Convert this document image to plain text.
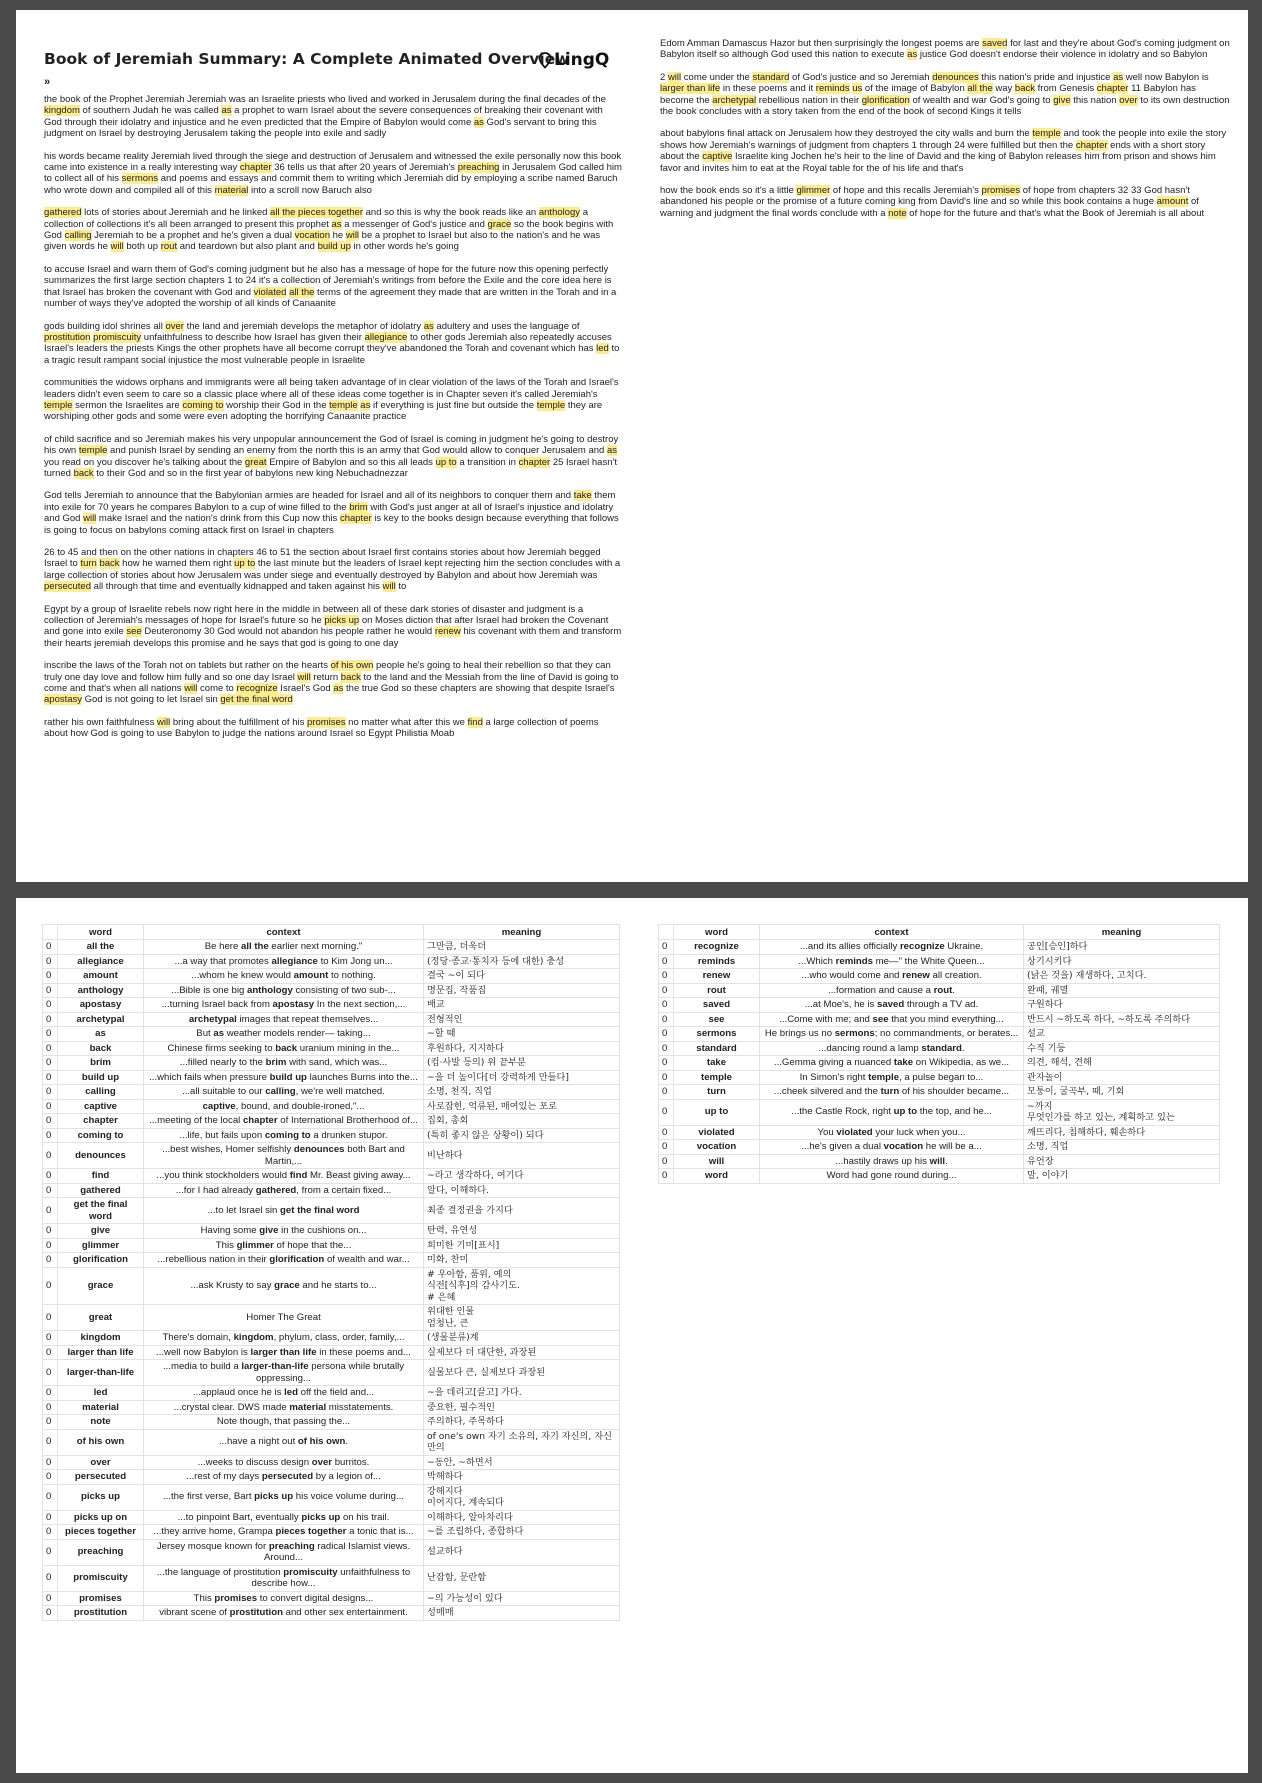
Book of Jeremiah Summary: A Complete Animated Overview
LingQ
»

the book of the Prophet Jeremiah Jeremiah was an Israelite priests who lived and worked in Jerusalem during the final decades of the kingdom of southern Judah he was called as a prophet to warn Israel about the severe consequences of breaking their covenant with God through their idolatry and injustice and he even predicted that the Empire of Babylon would come as God's servant to bring this judgment on Israel by destroying Jerusalem taking the people into exile and sadly

his words became reality Jeremiah lived through the siege and destruction of Jerusalem and witnessed the exile personally now this book came into existence in a really interesting way chapter 36 tells us that after 20 years of Jeremiah's preaching in Jerusalem God called him to collect all of his sermons and poems and essays and commit them to writing which Jeremiah did by employing a scribe named Baruch who wrote down and compiled all of this material into a scroll now Baruch also

gathered lots of stories about Jeremiah and he linked all the pieces together and so this is why the book reads like an anthology a collection of collections it's all been arranged to present this prophet as a messenger of God's justice and grace so the book begins with God calling Jeremiah to be a prophet and he's given a dual vocation he will be a prophet to Israel but also to the nation's and he was given words he will both up rout and teardown but also plant and build up in other words he's going

to accuse Israel and warn them of God's coming judgment but he also has a message of hope for the future now this opening perfectly summarizes the first large section chapters 1 to 24 it's a collection of Jeremiah's writings from before the Exile and the core idea here is that Israel has broken the covenant with God and violated all the terms of the agreement they made that are written in the Torah and in a number of ways they've adopted the worship of all kinds of Canaanite

gods building idol shrines all over the land and jeremiah develops the metaphor of idolatry as adultery and uses the language of prostitution promiscuity unfaithfulness to describe how Israel has given their allegiance to other gods Jeremiah also repeatedly accuses Israel's leaders the priests Kings the other prophets have all become corrupt they've abandoned the Torah and covenant which has led to a tragic result rampant social injustice the most vulnerable people in Israelite

communities the widows orphans and immigrants were all being taken advantage of in clear violation of the laws of the Torah and Israel's leaders didn't even seem to care so a classic place where all of these ideas come together is in Chapter seven it's called Jeremiah's temple sermon the Israelites are coming to worship their God in the temple as if everything is just fine but outside the temple they are worshiping other gods and some were even adopting the horrifying Canaanite practice

of child sacrifice and so Jeremiah makes his very unpopular announcement the God of Israel is coming in judgment he's going to destroy his own temple and punish Israel by sending an enemy from the north this is an army that God would allow to conquer Jerusalem and as you read on you discover he's talking about the great Empire of Babylon and so this all leads up to a transition in chapter 25 Israel hasn't turned back to their God and so in the first year of babylons new king Nebuchadnezzar

God tells Jeremiah to announce that the Babylonian armies are headed for Israel and all of its neighbors to conquer them and take them into exile for 70 years he compares Babylon to a cup of wine filled to the brim with God's just anger at all of Israel's injustice and idolatry and God will make Israel and the nation's drink from this Cup now this chapter is key to the books design because everything that follows is going to focus on babylons coming attack first on Israel in chapters

26 to 45 and then on the other nations in chapters 46 to 51 the section about Israel first contains stories about how Jeremiah begged Israel to turn back how he warned them right up to the last minute but the leaders of Israel kept rejecting him the section concludes with a large collection of stories about how Jerusalem was under siege and eventually destroyed by Babylon and about how Jeremiah was persecuted all through that time and eventually kidnapped and taken against his will to

Egypt by a group of Israelite rebels now right here in the middle in between all of these dark stories of disaster and judgment is a collection of Jeremiah's messages of hope for Israel's future so he picks up on Moses diction that after Israel had broken the Covenant and gone into exile see Deuteronomy 30 God would not abandon his people rather he would renew his covenant with them and transform their hearts jeremiah develops this promise and he says that god is going to one day

inscribe the laws of the Torah not on tablets but rather on the hearts of his own people he's going to heal their rebellion so that they can truly one day love and follow him fully and so one day Israel will return back to the land and the Messiah from the line of David is going to come and that's when all nations will come to recognize Israel's God as the true God so these chapters are showing that despite Israel's apostasy God is not going to let Israel sin get the final word

rather his own faithfulness will bring about the fulfillment of his promises no matter what after this we find a large collection of poems about how God is going to use Babylon to judge the nations around Israel so Egypt Philistia Moab

Edom Amman Damascus Hazor but then surprisingly the longest poems are saved for last and they're about God's coming judgment on Babylon itself so although God used this nation to execute as justice God doesn't endorse their violence in idolatry and so Babylon

2 will come under the standard of God's justice and so Jeremiah denounces this nation's pride and injustice as well now Babylon is larger than life in these poems and it reminds us of the image of Babylon all the way back from Genesis chapter 11 Babylon has become the archetypal rebellious nation in their glorification of wealth and war God's going to give this nation over to its own destruction the book concludes with a story taken from the end of the book of second Kings it tells

about babylons final attack on Jerusalem how they destroyed the city walls and burn the temple and took the people into exile the story shows how Jeremiah's warnings of judgment from chapters 1 through 24 were fulfilled but then the chapter ends with a short story about the captive Israelite king Jochen he's heir to the line of David and the king of Babylon releases him from prison and shows him favor and invites him to eat at the Royal table for the of his life and that's

how the book ends so it's a little glimmer of hope and this recalls Jeremiah's promises of hope from chapters 32 33 God hasn't abandoned his people or the promise of a future coming king from David's line and so while this book contains a huge amount of warning and judgment the final words conclude with a note of hope for the future and that's what the Book of Jeremiah is all about

	word	context	meaning
0	all the	Be here all the earlier next morning."	그만큼, 더욱더
0	allegiance	...a way that promotes allegiance to Kim Jong un...	(정당·종교·통치자 등에 대한) 충성
0	amount	...whom he knew would amount to nothing.	결국 ~이 되다
0	anthology	...Bible is one big anthology consisting of two sub-...	명문집, 작품집
0	apostasy	...turning Israel back from apostasy In the next section,...	배교
0	archetypal	archetypal images that repeat themselves...	전형적인
0	as	But as weather models render— taking...	~할 때
0	back	Chinese firms seeking to back uranium mining in the...	후원하다, 지지하다
0	brim	...filled nearly to the brim with sand, which was...	(컵·사발 등의) 위 끝부분
0	build up	...which fails when pressure build up launches Burns into the...	~을 더 높이다[더 강력하게 만들다]
0	calling	...all suitable to our calling, we're well matched.	소명, 천직, 직업
0	captive	captive, bound, and double-ironed,"...	사로잡힌, 억류된, 매여있는 포로
0	chapter	...meeting of the local chapter of International Brotherhood of...	집회, 총회
0	coming to	...life, but fails upon coming to a drunken stupor.	(특히 좋지 않은 상황이) 되다
0	denounces	...best wishes, Homer selfishly denounces both Bart and Martin,...	비난하다
0	find	...you think stockholders would find Mr. Beast giving away...	~라고 생각하다, 여기다
0	gathered	...for I had already gathered, from a certain fixed...	알다, 이해하다.
0	get the final word	...to let Israel sin get the final word	최종 결정권을 가지다
0	give	Having some give in the cushions on...	탄력, 유연성
0	glimmer	This glimmer of hope that the...	희미한 기미[표시]
0	glorification	...rebellious nation in their glorification of wealth and war...	미화, 찬미
0	grace	...ask Krusty to say grace and he starts to...	# 우아함, 품위, 예의
식전[식후]의 감사기도.
# 은혜
0	great	Homer The Great	위대한 인물
엄청난, 큰
0	kingdom	There's domain, kingdom, phylum, class, order, family,...	(생물분류)계
0	larger than life	...well now Babylon is larger than life in these poems and...	실제보다 더 대단한, 과장된
0	larger-than-life	...media to build a larger-than-life persona while brutally oppressing...	실물보다 큰, 실제보다 과장된
0	led	...applaud once he is led off the field and...	~을 데리고[끌고] 가다.
0	material	...crystal clear. DWS made material misstatements.	중요한, 필수적인
0	note	Note though, that passing the...	주의하다, 주목하다
0	of his own	...have a night out of his own.	of one's own 자기 소유의, 자기 자신의, 자신만의
0	over	...weeks to discuss design over burritos.	~동안, ~하면서
0	persecuted	...rest of my days persecuted by a legion of...	박해하다
0	picks up	...the first verse, Bart picks up his voice volume during...	강해지다
이어지다, 계속되다
0	picks up on	...to pinpoint Bart, eventually picks up on his trail.	이해하다, 알아차리다
0	pieces together	...they arrive home, Grampa pieces together a tonic that is...	~를 조립하다, 종합하다
0	preaching	Jersey mosque known for preaching radical Islamist views. Around...	설교하다
0	promiscuity	...the language of prostitution promiscuity unfaithfulness to describe how...	난잡함, 문란함
0	promises	This promises to convert digital designs...	~의 가능성이 있다
0	prostitution	vibrant scene of prostitution and other sex entertainment.	성매매
	word	context	meaning
0	recognize	...and its allies officially recognize Ukraine.	공인[승인]하다
0	reminds	...Which reminds me—" the White Queen...	상기시키다
0	renew	...who would come and renew all creation.	(낡은 것을) 재생하다, 고치다.
0	rout	...formation and cause a rout.	완패, 궤멸
0	saved	...at Moe's, he is saved through a TV ad.	구원하다
0	see	...Come with me; and see that you mind everything...	반드시 ~하도록 하다, ~하도록 주의하다
0	sermons	He brings us no sermons; no commandments, or berates...	설교
0	standard	...dancing round a lamp standard.	수직 기둥
0	take	...Gemma giving a nuanced take on Wikipedia, as we...	의견, 해석, 견해
0	temple	In Simon's right temple, a pulse began to...	관자놀이
0	turn	...cheek silvered and the turn of his shoulder became...	모퉁이, 굴곡부, 때, 기회
0	up to	...the Castle Rock, right up to the top, and he...	~까지
무엇인가를 하고 있는, 계획하고 있는
0	violated	You violated your luck when you...	깨뜨리다, 침해하다, 훼손하다
0	vocation	...he's given a dual vocation he will be a...	소명, 직업
0	will	...hastily draws up his will.	유언장
0	word	Word had gone round during...	말, 이야기
